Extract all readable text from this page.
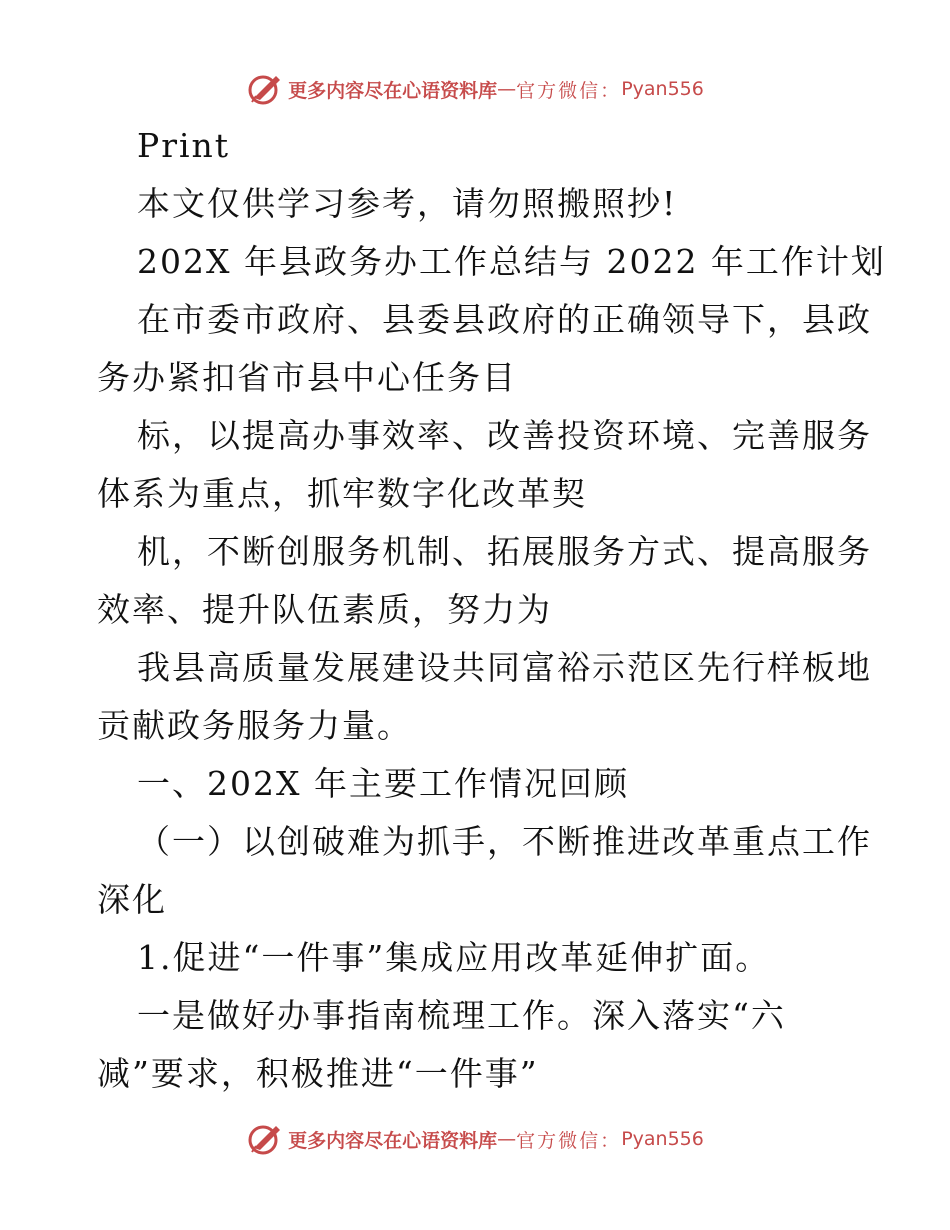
更多内容尽在心语资料库 — 官方微信： Pyan556
Print
本文仅供学习参考，请勿照搬照抄!
202X 年县政务办工作总结与 2022 年工作计划
在市委市政府、县委县政府的正确领导下，县政
务办紧扣省市县中心任务目
标，以提高办事效率、改善投资环境、完善服务
体系为重点，抓牢数字化改革契
机，不断创服务机制、拓展服务方式、提高服务
效率、提升队伍素质，努力为
我县高质量发展建设共同富裕示范区先行样板地
贡献政务服务力量。
一、202X 年主要工作情况回顾
（一）以创破难为抓手，不断推进改革重点工作
深化
1.促进“一件事”集成应用改革延伸扩面。
一是做好办事指南梳理工作。深入落实“六
减”要求，积极推进“一件事”
更多内容尽在心语资料库 — 官方微信： Pyan556
